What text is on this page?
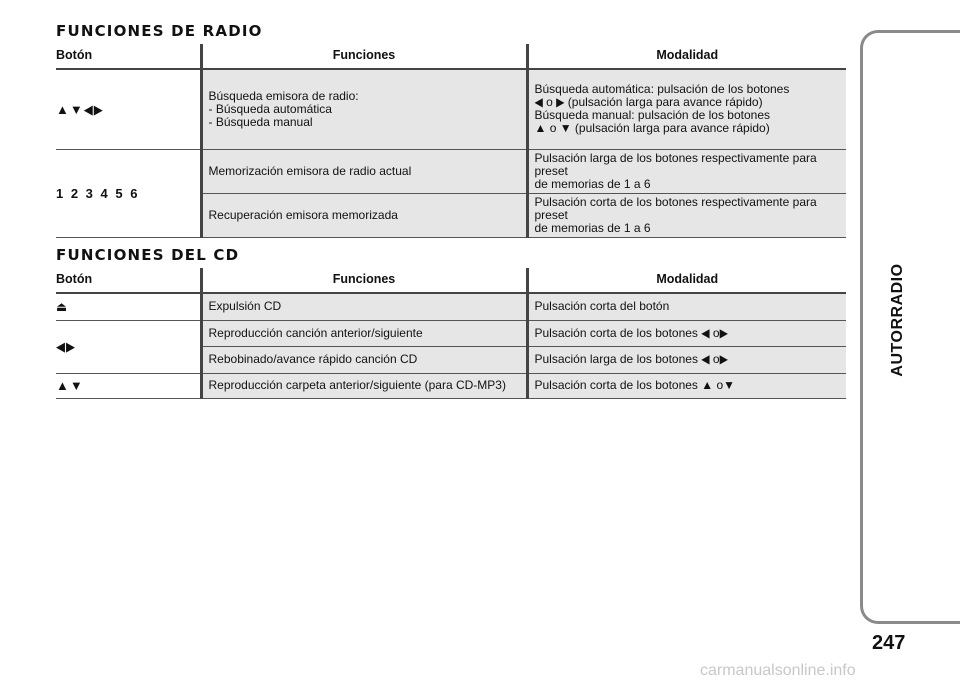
FUNCIONES DE RADIO
Botón	Funciones	Modalidad
▲▼◀▶	Búsqueda emisora de radio:
- Búsqueda automática
- Búsqueda manual	Búsqueda automática: pulsación de los botones
◀ o ▶ (pulsación larga para avance rápido)
Búsqueda manual: pulsación de los botones
▲ o ▼ (pulsación larga para avance rápido)

1 2 3 4 5 6	Memorización emisora de radio actual	Pulsación larga de los botones respectivamente para preset
de memorias de 1 a 6

	Recuperación emisora memorizada	Pulsación corta de los botones respectivamente para preset
de memorias de 1 a 6
FUNCIONES DEL CD
Botón	Funciones	Modalidad
⏏	Expulsión CD	Pulsación corta del botón
◀▶	Reproducción canción anterior/siguiente	Pulsación corta de los botones ◀ o▶
	Rebobinado/avance rápido canción CD	Pulsación larga de los botones ◀ o▶
▲▼	Reproducción carpeta anterior/siguiente (para CD-MP3)	Pulsación corta de los botones ▲ o▼
AUTORRADIO
247
carmanualsonline.info
